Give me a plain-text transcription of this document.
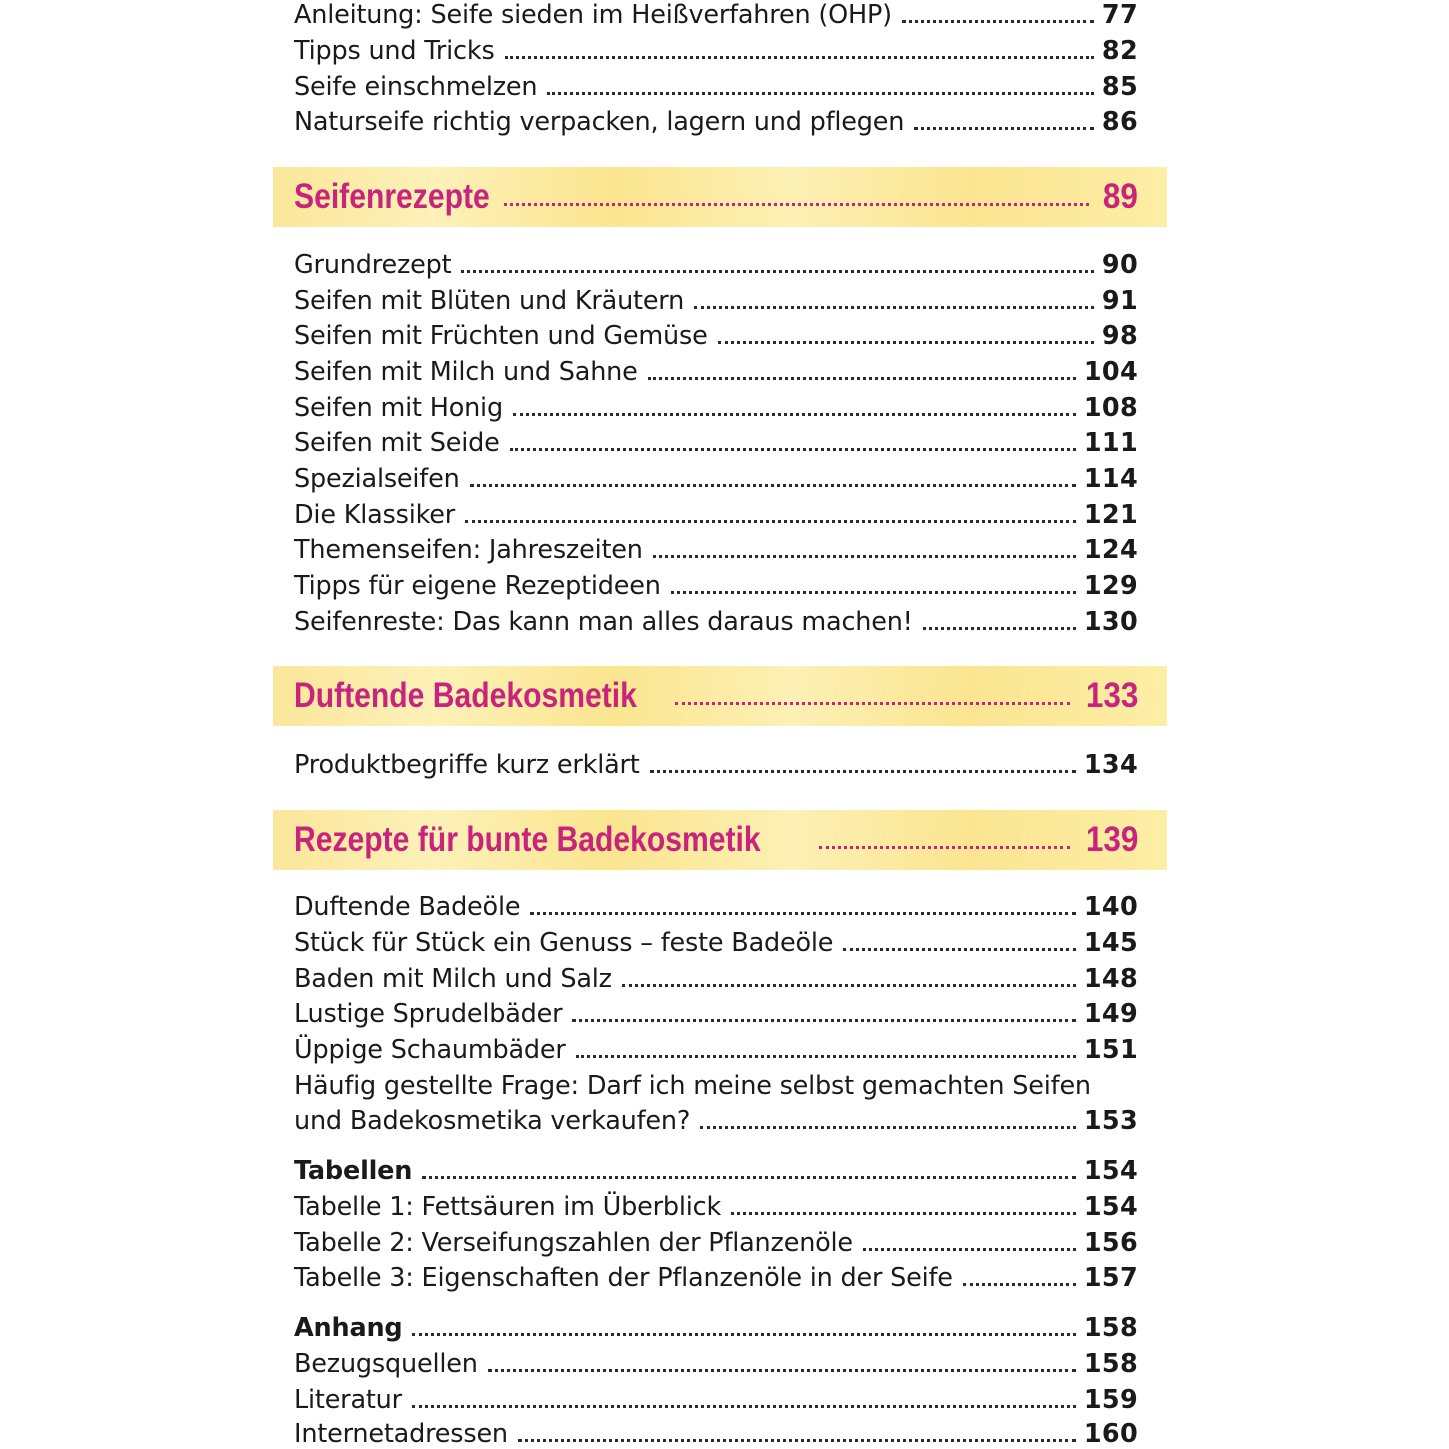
Anleitung: Seife sieden im Heißverfahren (OHP)	77
Tipps und Tricks	82
Seife einschmelzen	85
Naturseife richtig verpacken, lagern und pflegen	86
Seifenrezepte	89
Grundrezept	90
Seifen mit Blüten und Kräutern	91
Seifen mit Früchten und Gemüse	98
Seifen mit Milch und Sahne	104
Seifen mit Honig	108
Seifen mit Seide	111
Spezialseifen	114
Die Klassiker	121
Themenseifen: Jahreszeiten	124
Tipps für eigene Rezeptideen	129
Seifenreste: Das kann man alles daraus machen!	130
Duftende Badekosmetik	133
Produktbegriffe kurz erklärt	134
Rezepte für bunte Badekosmetik	139
Duftende Badeöle	140
Stück für Stück ein Genuss – feste Badeöle	145
Baden mit Milch und Salz	148
Lustige Sprudelbäder	149
Üppige Schaumbäder	151
Häufig gestellte Frage: Darf ich meine selbst gemachten Seifen
und Badekosmetika verkaufen?	153
Tabellen	154
Tabelle 1: Fettsäuren im Überblick	154
Tabelle 2: Verseifungszahlen der Pflanzenöle	156
Tabelle 3: Eigenschaften der Pflanzenöle in der Seife	157
Anhang	158
Bezugsquellen	158
Literatur	159
Internetadressen	160
